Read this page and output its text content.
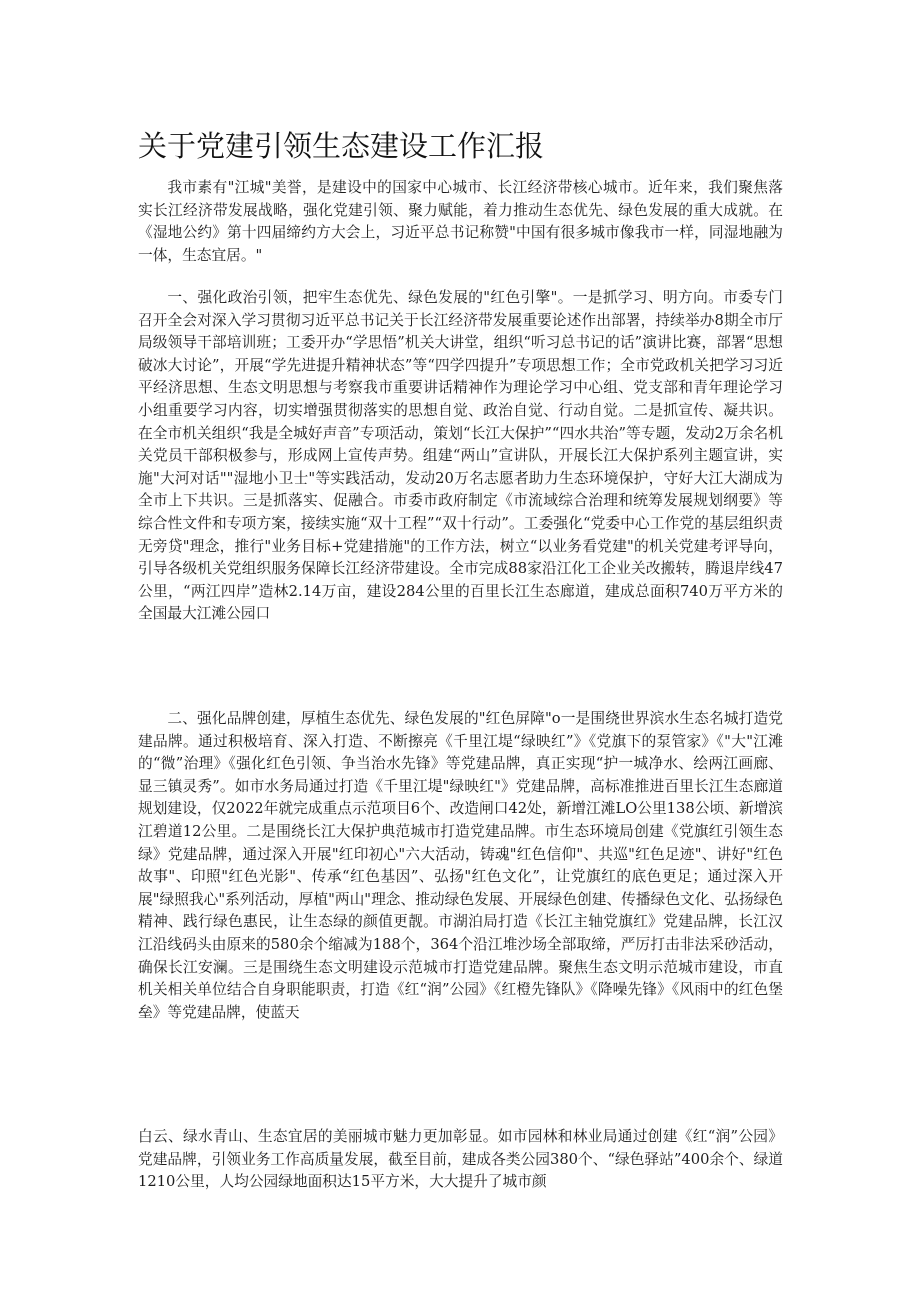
关于党建引领生态建设工作汇报

我市素有"江城"美誉，是建设中的国家中心城市、长江经济带核心城市。近年来，我们聚焦落实长江经济带发展战略，强化党建引领、聚力赋能，着力推动生态优先、绿色发展的重大成就。在《湿地公约》第十四届缔约方大会上，习近平总书记称赞"中国有很多城市像我市一样，同湿地融为一体，生态宜居。"

一、强化政治引领，把牢生态优先、绿色发展的"红色引擎"。一是抓学习、明方向。市委专门召开全会对深入学习贯彻习近平总书记关于长江经济带发展重要论述作出部署，持续举办8期全市厅局级领导干部培训班；工委开办“学思悟”机关大讲堂，组织“听习总书记的话”演讲比赛，部署“思想破冰大讨论”，开展“学先进提升精神状态”等“四学四提升”专项思想工作；全市党政机关把学习习近平经济思想、生态文明思想与考察我市重要讲话精神作为理论学习中心组、党支部和青年理论学习小组重要学习内容，切实增强贯彻落实的思想自觉、政治自觉、行动自觉。二是抓宣传、凝共识。在全市机关组织“我是全城好声音”专项活动，策划“长江大保护”“四水共治”等专题，发动2万余名机关党员干部积极参与，形成网上宣传声势。组建“两山”宣讲队，开展长江大保护系列主题宣讲，实施"大河对话""湿地小卫士"等实践活动，发动20万名志愿者助力生态环境保护，守好大江大湖成为全市上下共识。三是抓落实、促融合。市委市政府制定《市流域综合治理和统筹发展规划纲要》等综合性文件和专项方案，接续实施“双十工程”“双十行动”。工委强化“党委中心工作党的基层组织责无旁贷"理念，推行"业务目标+党建措施"的工作方法，树立“以业务看党建"的机关党建考评导向，引导各级机关党组织服务保障长江经济带建设。全市完成88家沿江化工企业关改搬转，腾退岸线47公里，“两江四岸”造林2.14万亩，建设284公里的百里长江生态廊道，建成总面积740万平方米的全国最大江滩公园口

二、强化品牌创建，厚植生态优先、绿色发展的"红色屏障"o一是围绕世界滨水生态名城打造党建品牌。通过积极培育、深入打造、不断擦亮《千里江堤“绿映红”》《党旗下的泵管家》《"大"江滩的“微”治理》《强化红色引领、争当治水先锋》等党建品牌，真正实现“护一城净水、绘两江画廊、显三镇灵秀”。如市水务局通过打造《千里江堤"绿映红"》党建品牌，高标准推进百里长江生态廊道规划建设，仅2022年就完成重点示范项目6个、改造闸口42处，新增江滩LO公里138公顷、新增滨江碧道12公里。二是围绕长江大保护典范城市打造党建品牌。市生态环境局创建《党旗红引领生态绿》党建品牌，通过深入开展"红印初心"六大活动，铸魂"红色信仰"、共巡"红色足迹"、讲好"红色故事"、印照"红色光影"、传承“红色基因”、弘扬"红色文化”，让党旗红的底色更足；通过深入开展"绿照我心"系列活动，厚植"两山"理念、推动绿色发展、开展绿色创建、传播绿色文化、弘扬绿色精神、践行绿色惠民，让生态绿的颜值更靓。市湖泊局打造《长江主轴党旗红》党建品牌，长江汉江沿线码头由原来的580余个缩减为188个，364个沿江堆沙场全部取缔，严厉打击非法采砂活动，确保长江安澜。三是围绕生态文明建设示范城市打造党建品牌。聚焦生态文明示范城市建设，市直机关相关单位结合自身职能职责，打造《红“润”公园》《红橙先锋队》《降噪先锋》《风雨中的红色堡垒》等党建品牌，使蓝天

白云、绿水青山、生态宜居的美丽城市魅力更加彰显。如市园林和林业局通过创建《红“润”公园》党建品牌，引领业务工作高质量发展，截至目前，建成各类公园380个、“绿色驿站”400余个、绿道1210公里，人均公园绿地面积达15平方米，大大提升了城市颜
